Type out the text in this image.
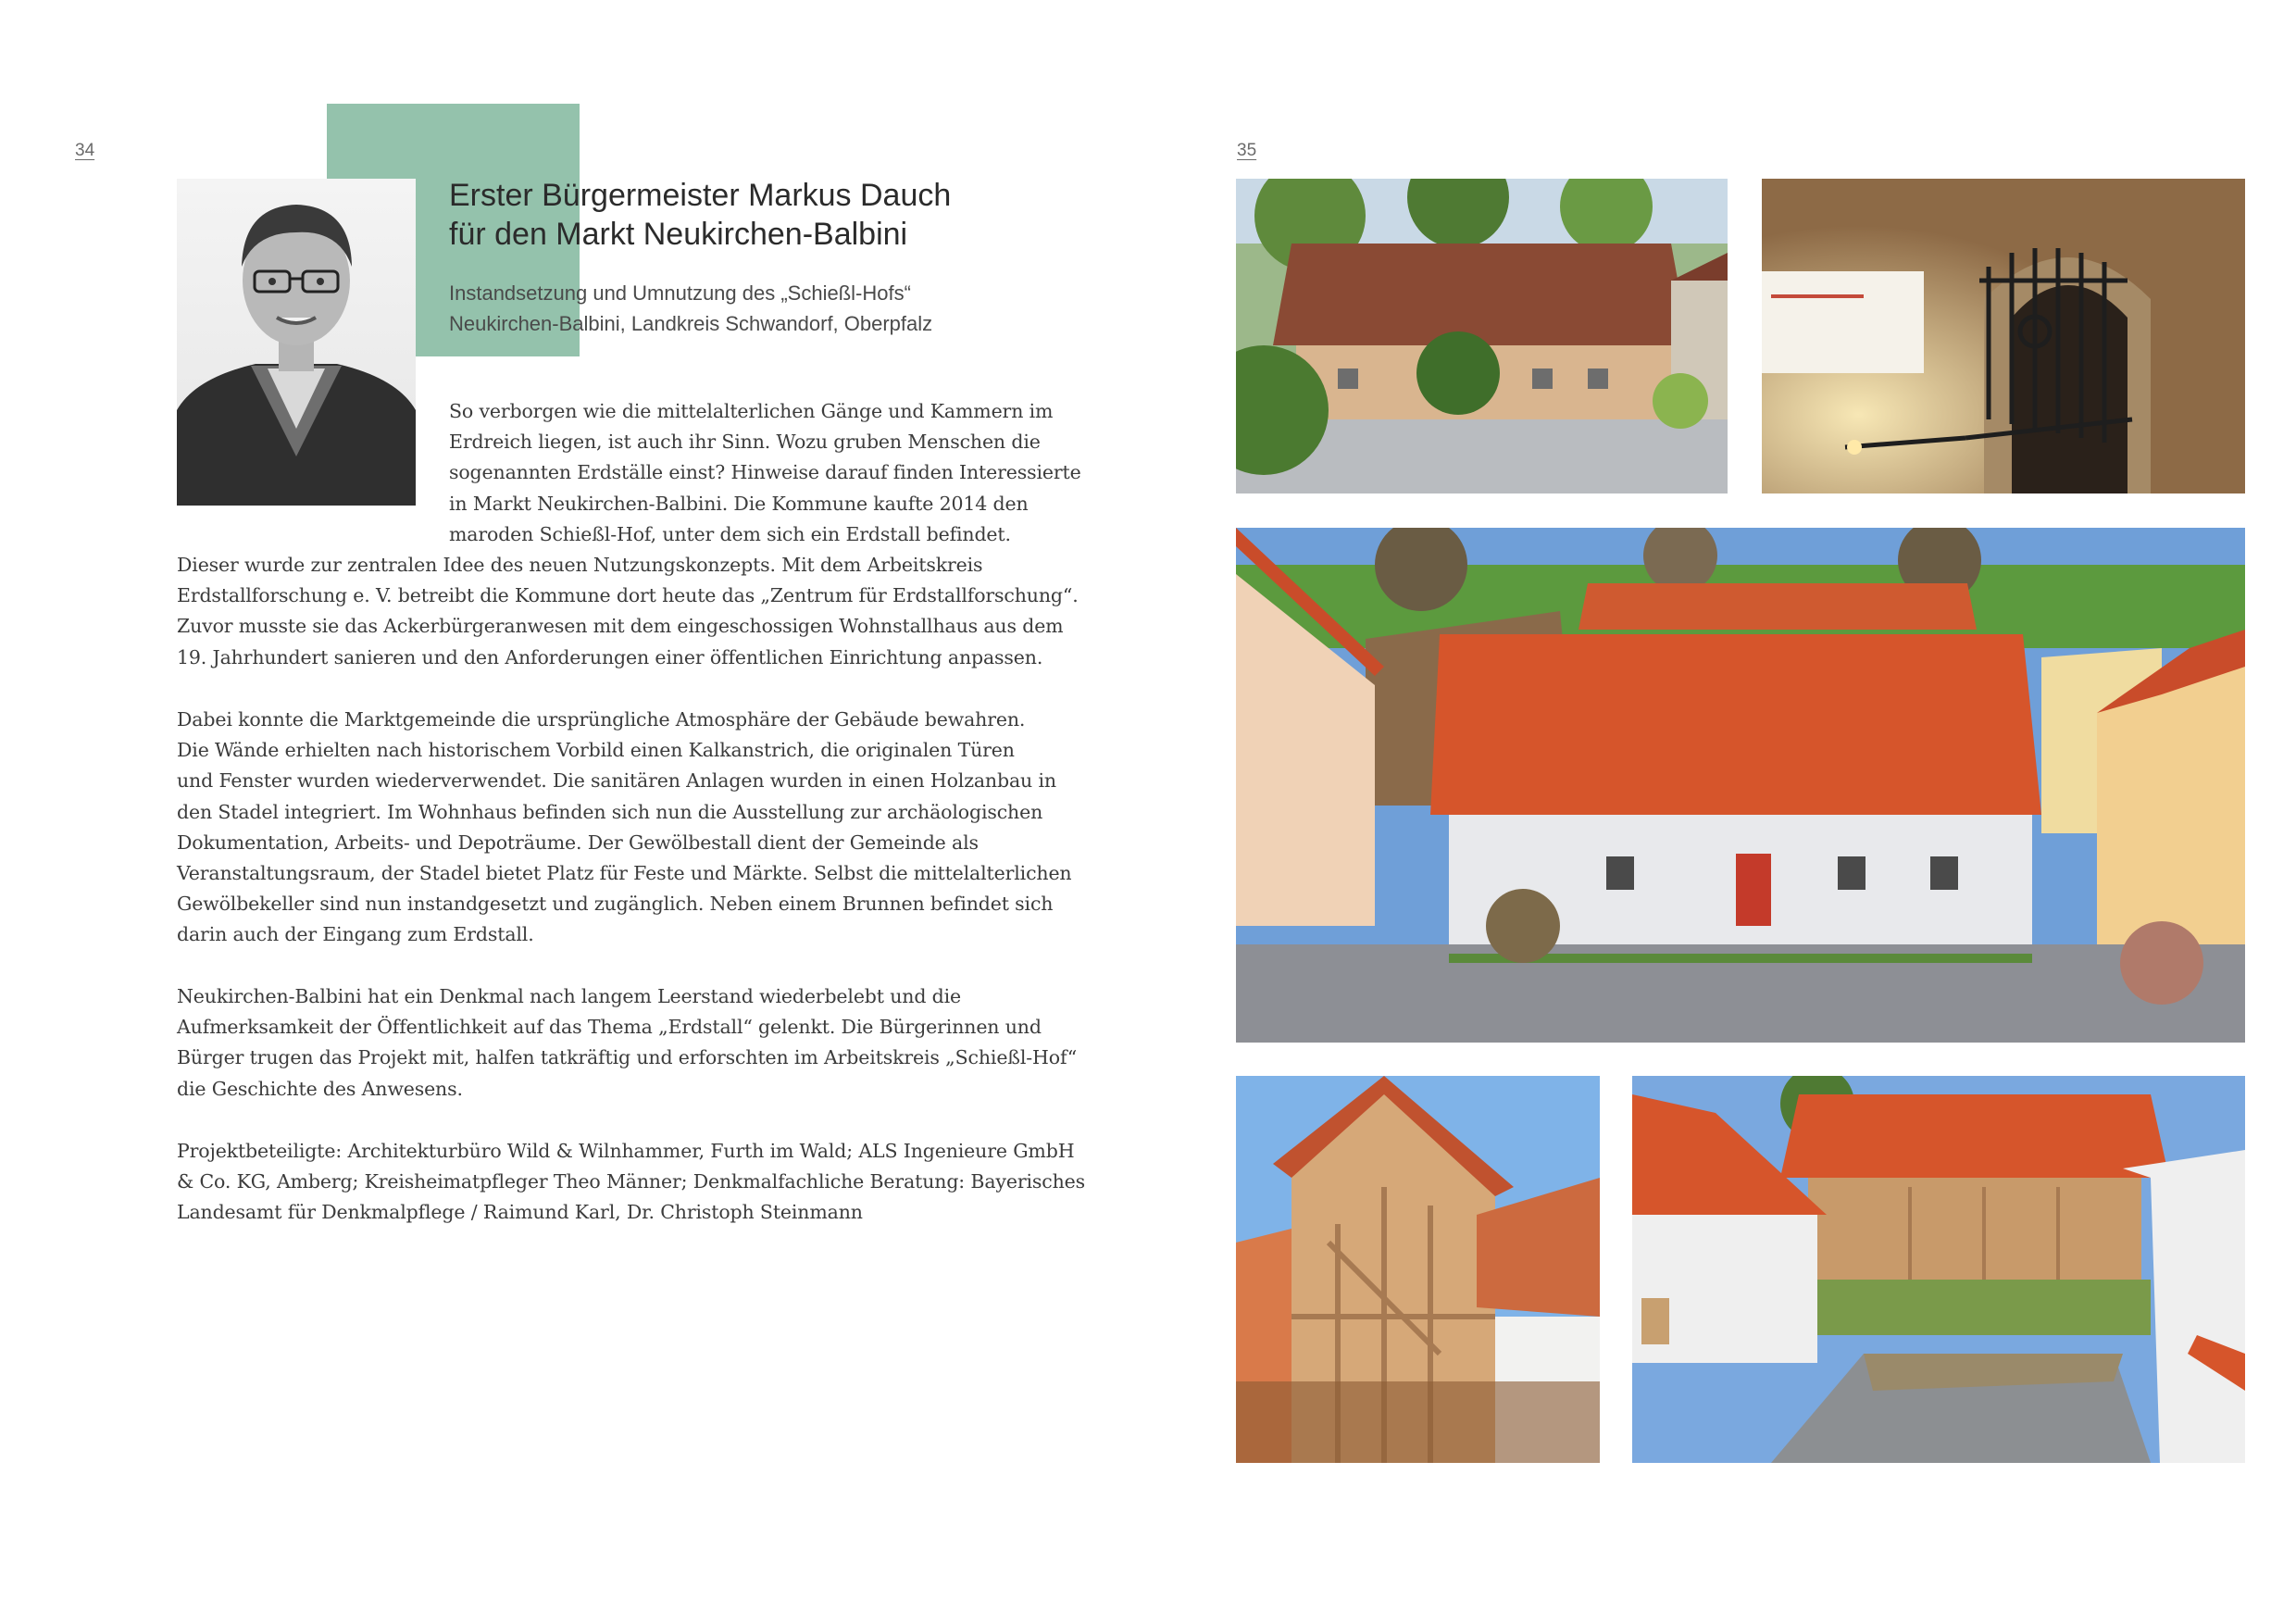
34	35
Erster Bürgermeister Markus Dauch
für den Markt Neukirchen-Balbini
Instandsetzung und Umnutzung des „Schießl-Hofs“
Neukirchen-Balbini, Landkreis Schwandorf, Oberpfalz
So verborgen wie die mittelalterlichen Gänge und Kammern im
Erdreich liegen, ist auch ihr Sinn. Wozu gruben Menschen die
sogenannten Erdställe einst? Hinweise darauf finden Interessierte
in Markt Neukirchen-Balbini. Die Kommune kaufte 2014 den
maroden Schießl-Hof, unter dem sich ein Erdstall befindet.
Dieser wurde zur zentralen Idee des neuen Nutzungskonzepts. Mit dem Arbeitskreis
Erdstallforschung e. V. betreibt die Kommune dort heute das „Zentrum für Erdstallforschung“.
Zuvor musste sie das Ackerbürgeranwesen mit dem eingeschossigen Wohnstallhaus aus dem
19. Jahrhundert sanieren und den Anforderungen einer öffentlichen Einrichtung anpassen.
Dabei konnte die Marktgemeinde die ursprüngliche Atmosphäre der Gebäude bewahren.
Die Wände erhielten nach historischem Vorbild einen Kalkanstrich, die originalen Türen
und Fenster wurden wiederverwendet. Die sanitären Anlagen wurden in einen Holzanbau in
den Stadel integriert. Im Wohnhaus befinden sich nun die Ausstellung zur archäologischen
Dokumentation, Arbeits- und Depoträume. Der Gewölbestall dient der Gemeinde als
Veranstaltungsraum, der Stadel bietet Platz für Feste und Märkte. Selbst die mittelalterlichen
Gewölbekeller sind nun instandgesetzt und zugänglich. Neben einem Brunnen befindet sich
darin auch der Eingang zum Erdstall.
Neukirchen-Balbini hat ein Denkmal nach langem Leerstand wiederbelebt und die
Aufmerksamkeit der Öffentlichkeit auf das Thema „Erdstall“ gelenkt. Die Bürgerinnen und
Bürger trugen das Projekt mit, halfen tatkräftig und erforschten im Arbeitskreis „Schießl-Hof“
die Geschichte des Anwesens.
Projektbeteiligte: Architekturbüro Wild & Wilnhammer, Furth im Wald; ALS Ingenieure GmbH
& Co. KG, Amberg; Kreisheimatpfleger Theo Männer; Denkmalfachliche Beratung: Bayerisches
Landesamt für Denkmalpflege / Raimund Karl, Dr. Christoph Steinmann
